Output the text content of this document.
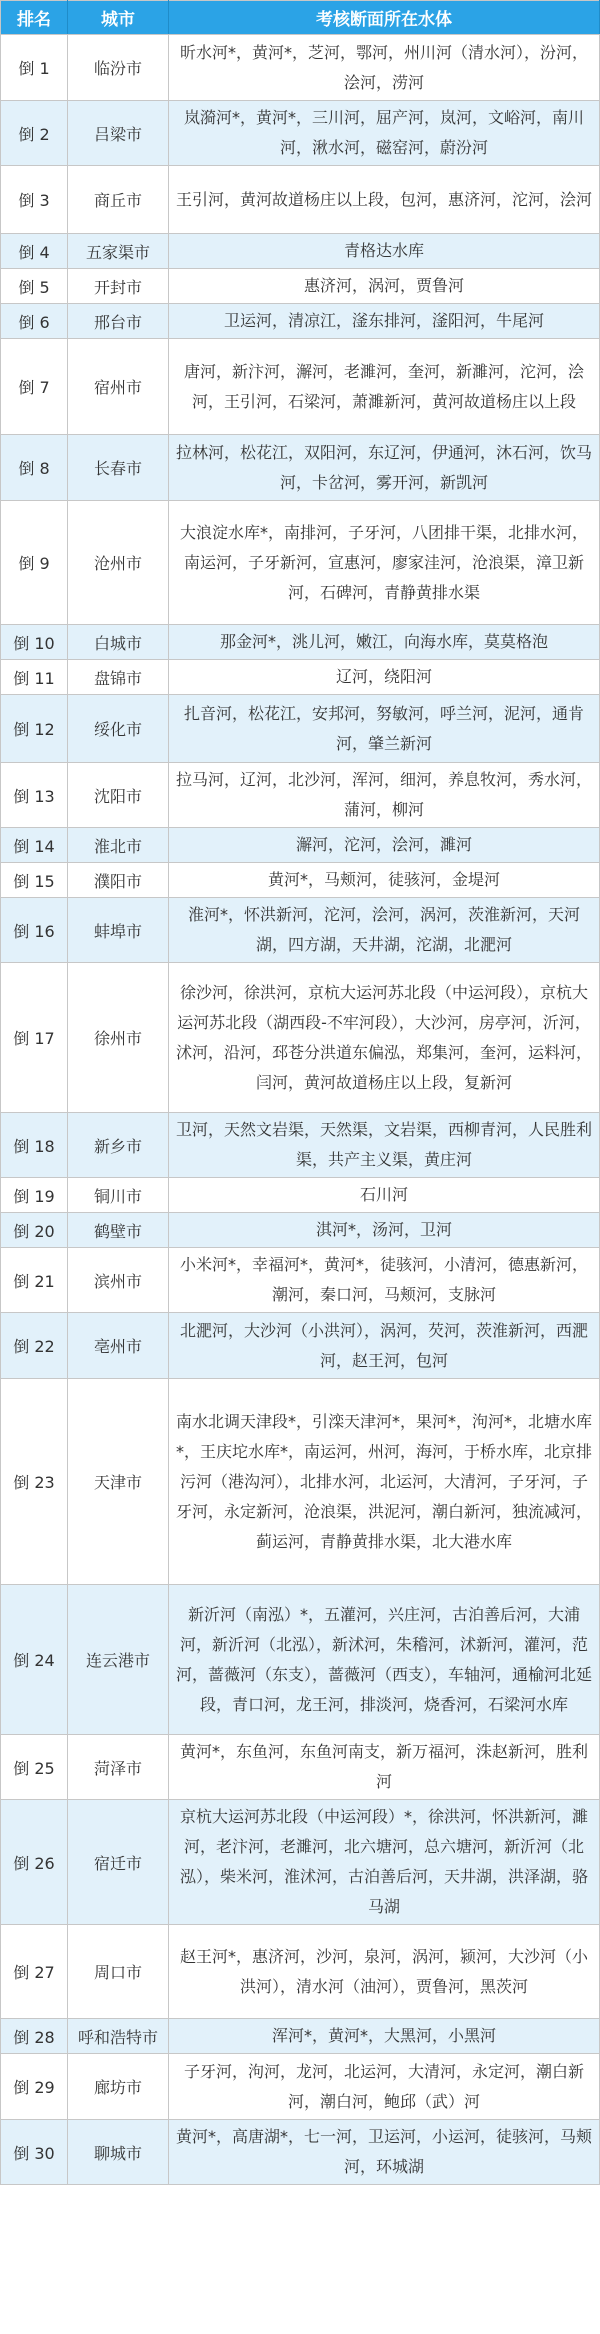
排名	城市	考核断面所在水体
倒 1	临汾市	昕水河*，黄河*，芝河，鄂河，州川河（清水河），汾河，浍河，涝河
倒 2	吕梁市	岚漪河*，黄河*，三川河，屈产河，岚河，文峪河，南川河，湫水河，磁窑河，蔚汾河
倒 3	商丘市	王引河，黄河故道杨庄以上段，包河，惠济河，沱河，浍河
倒 4	五家渠市	青格达水库
倒 5	开封市	惠济河，涡河，贾鲁河
倒 6	邢台市	卫运河，清凉江，滏东排河，滏阳河，牛尾河
倒 7	宿州市	唐河，新汴河，澥河，老濉河，奎河，新濉河，沱河，浍河，王引河，石梁河，萧濉新河，黄河故道杨庄以上段
倒 8	长春市	拉林河，松花江，双阳河，东辽河，伊通河，沐石河，饮马河，卡岔河，雾开河，新凯河
倒 9	沧州市	大浪淀水库*，南排河，子牙河，八团排干渠，北排水河，南运河，子牙新河，宣惠河，廖家洼河，沧浪渠，漳卫新河，石碑河，青静黄排水渠
倒 10	白城市	那金河*，洮儿河，嫩江，向海水库，莫莫格泡
倒 11	盘锦市	辽河，绕阳河
倒 12	绥化市	扎音河，松花江，安邦河，努敏河，呼兰河，泥河，通肯河，肇兰新河
倒 13	沈阳市	拉马河，辽河，北沙河，浑河，细河，养息牧河，秀水河，蒲河，柳河
倒 14	淮北市	澥河，沱河，浍河，濉河
倒 15	濮阳市	黄河*，马颊河，徒骇河，金堤河
倒 16	蚌埠市	淮河*，怀洪新河，沱河，浍河，涡河，茨淮新河，天河湖，四方湖，天井湖，沱湖，北淝河
倒 17	徐州市	徐沙河，徐洪河，京杭大运河苏北段（中运河段），京杭大运河苏北段（湖西段-不牢河段），大沙河，房亭河，沂河，沭河，沿河，邳苍分洪道东偏泓，郑集河，奎河，运料河，闫河，黄河故道杨庄以上段，复新河
倒 18	新乡市	卫河，天然文岩渠，天然渠，文岩渠，西柳青河，人民胜利渠，共产主义渠，黄庄河
倒 19	铜川市	石川河
倒 20	鹤壁市	淇河*，汤河，卫河
倒 21	滨州市	小米河*，幸福河*，黄河*，徒骇河，小清河，德惠新河，潮河，秦口河，马颊河，支脉河
倒 22	亳州市	北淝河，大沙河（小洪河），涡河，芡河，茨淮新河，西淝河，赵王河，包河
倒 23	天津市	南水北调天津段*，引滦天津河*，果河*，泃河*，北塘水库*，王庆坨水库*，南运河，州河，海河，于桥水库，北京排污河（港沟河），北排水河，北运河，大清河，子牙河，子牙河，永定新河，沧浪渠，洪泥河，潮白新河，独流减河，蓟运河，青静黄排水渠，北大港水库
倒 24	连云港市	新沂河（南泓）*，五灌河，兴庄河，古泊善后河，大浦河，新沂河（北泓），新沭河，朱稽河，沭新河，灌河，范河，蔷薇河（东支），蔷薇河（西支），车轴河，通榆河北延段，青口河，龙王河，排淡河，烧香河，石梁河水库
倒 25	菏泽市	黄河*，东鱼河，东鱼河南支，新万福河，洙赵新河，胜利河
倒 26	宿迁市	京杭大运河苏北段（中运河段）*，徐洪河，怀洪新河，濉河，老汴河，老濉河，北六塘河，总六塘河，新沂河（北泓），柴米河，淮沭河，古泊善后河，天井湖，洪泽湖，骆马湖
倒 27	周口市	赵王河*，惠济河，沙河，泉河，涡河，颍河，大沙河（小洪河），清水河（油河），贾鲁河，黑茨河
倒 28	呼和浩特市	浑河*，黄河*，大黑河，小黑河
倒 29	廊坊市	子牙河，泃河，龙河，北运河，大清河，永定河，潮白新河，潮白河，鲍邱（武）河
倒 30	聊城市	黄河*，高唐湖*，七一河，卫运河，小运河，徒骇河，马颊河，环城湖
